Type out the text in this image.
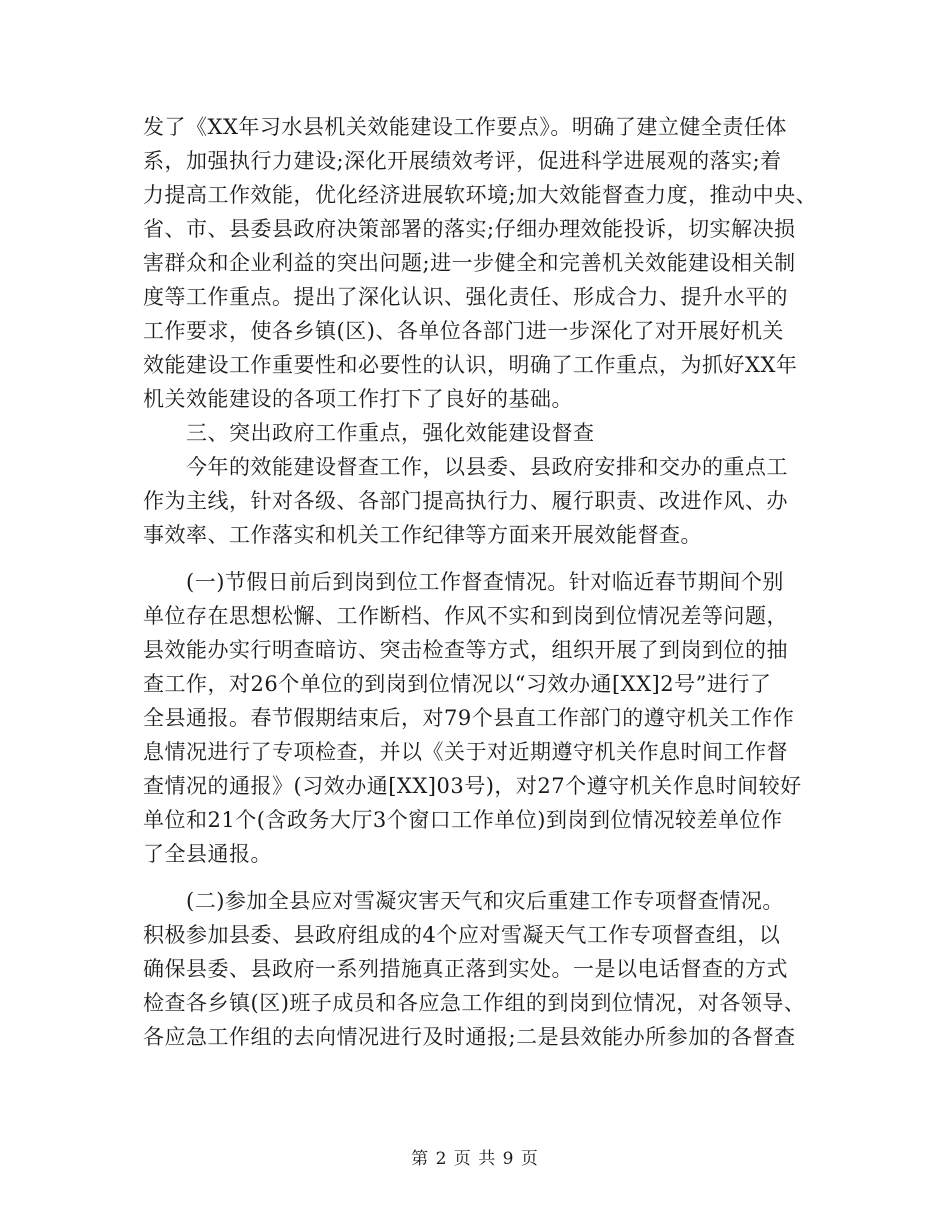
发了《XX年习水县机关效能建设工作要点》。明确了建立健全责任体
系，加强执行力建设;深化开展绩效考评，促进科学进展观的落实;着
力提高工作效能，优化经济进展软环境;加大效能督查力度，推动中央、
省、市、县委县政府决策部署的落实;仔细办理效能投诉，切实解决损
害群众和企业利益的突出问题;进一步健全和完善机关效能建设相关制
度等工作重点。提出了深化认识、强化责任、形成合力、提升水平的
工作要求，使各乡镇(区)、各单位各部门进一步深化了对开展好机关
效能建设工作重要性和必要性的认识，明确了工作重点，为抓好XX年
机关效能建设的各项工作打下了良好的基础。
三、突出政府工作重点，强化效能建设督查
今年的效能建设督查工作，以县委、县政府安排和交办的重点工
作为主线，针对各级、各部门提高执行力、履行职责、改进作风、办
事效率、工作落实和机关工作纪律等方面来开展效能督查。
(一)节假日前后到岗到位工作督查情况。针对临近春节期间个别
单位存在思想松懈、工作断档、作风不实和到岗到位情况差等问题，
县效能办实行明查暗访、突击检查等方式，组织开展了到岗到位的抽
查工作，对26个单位的到岗到位情况以“习效办通[XX]2号”进行了
全县通报。春节假期结束后，对79个县直工作部门的遵守机关工作作
息情况进行了专项检查，并以《关于对近期遵守机关作息时间工作督
查情况的通报》(习效办通[XX]03号)，对27个遵守机关作息时间较好
单位和21个(含政务大厅3个窗口工作单位)到岗到位情况较差单位作
了全县通报。
(二)参加全县应对雪凝灾害天气和灾后重建工作专项督查情况。
积极参加县委、县政府组成的4个应对雪凝天气工作专项督查组，以
确保县委、县政府一系列措施真正落到实处。一是以电话督查的方式
检查各乡镇(区)班子成员和各应急工作组的到岗到位情况，对各领导、
各应急工作组的去向情况进行及时通报;二是县效能办所参加的各督查
第 2 页 共 9 页
